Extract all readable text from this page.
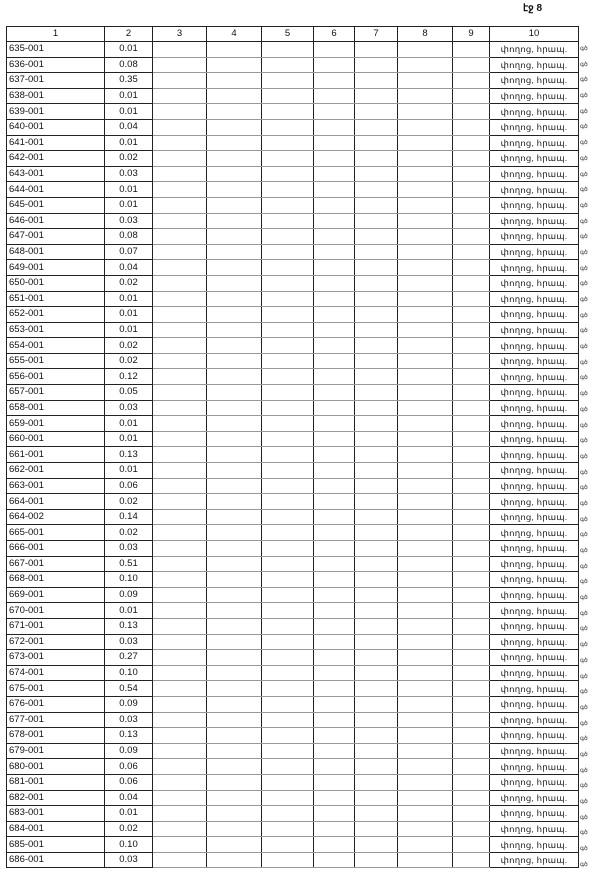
էջ 8
1	2	3	4	5	6	7	8	9	10
635-001	0.01								փողոց, հրապ.
636-001	0.08								փողոց, հրապ.
637-001	0.35								փողոց, հրապ.
638-001	0.01								փողոց, հրապ.
639-001	0.01								փողոց, հրապ.
640-001	0.04								փողոց, հրապ.
641-001	0.01								փողոց, հրապ.
642-001	0.02								փողոց, հրապ.
643-001	0.03								փողոց, հրապ.
644-001	0.01								փողոց, հրապ.
645-001	0.01								փողոց, հրապ.
646-001	0.03								փողոց, հրապ.
647-001	0.08								փողոց, հրապ.
648-001	0.07								փողոց, հրապ.
649-001	0.04								փողոց, հրապ.
650-001	0.02								փողոց, հրապ.
651-001	0.01								փողոց, հրապ.
652-001	0.01								փողոց, հրապ.
653-001	0.01								փողոց, հրապ.
654-001	0.02								փողոց, հրապ.
655-001	0.02								փողոց, հրապ.
656-001	0.12								փողոց, հրապ.
657-001	0.05								փողոց, հրապ.
658-001	0.03								փողոց, հրապ.
659-001	0.01								փողոց, հրապ.
660-001	0.01								փողոց, հրապ.
661-001	0.13								փողոց, հրապ.
662-001	0.01								փողոց, հրապ.
663-001	0.06								փողոց, հրապ.
664-001	0.02								փողոց, հրապ.
664-002	0.14								փողոց, հրապ.
665-001	0.02								փողոց, հրապ.
666-001	0.03								փողոց, հրապ.
667-001	0.51								փողոց, հրապ.
668-001	0.10								փողոց, հրապ.
669-001	0.09								փողոց, հրապ.
670-001	0.01								փողոց, հրապ.
671-001	0.13								փողոց, հրապ.
672-001	0.03								փողոց, հրապ.
673-001	0.27								փողոց, հրապ.
674-001	0.10								փողոց, հրապ.
675-001	0.54								փողոց, հրապ.
676-001	0.09								փողոց, հրապ.
677-001	0.03								փողոց, հրապ.
678-001	0.13								փողոց, հրապ.
679-001	0.09								փողոց, հրապ.
680-001	0.06								փողոց, հրապ.
681-001	0.06								փողոց, հրապ.
682-001	0.04								փողոց, հրապ.
683-001	0.01								փողոց, հրապ.
684-001	0.02								փողոց, հրապ.
685-001	0.10								փողոց, հրապ.
686-001	0.03								փողոց, հրապ.
գծ
գծ
գծ
գծ
գծ
գծ
գծ
գծ
գծ
գծ
գծ
գծ
գծ
գծ
գծ
գծ
գծ
գծ
գծ
գծ
գծ
գծ
գծ
գծ
գծ
գծ
գծ
գծ
գծ
գծ
գծ
գծ
գծ
գծ
գծ
գծ
գծ
գծ
գծ
գծ
գծ
գծ
գծ
գծ
գծ
գծ
գծ
գծ
գծ
գծ
գծ
գծ
գծ
